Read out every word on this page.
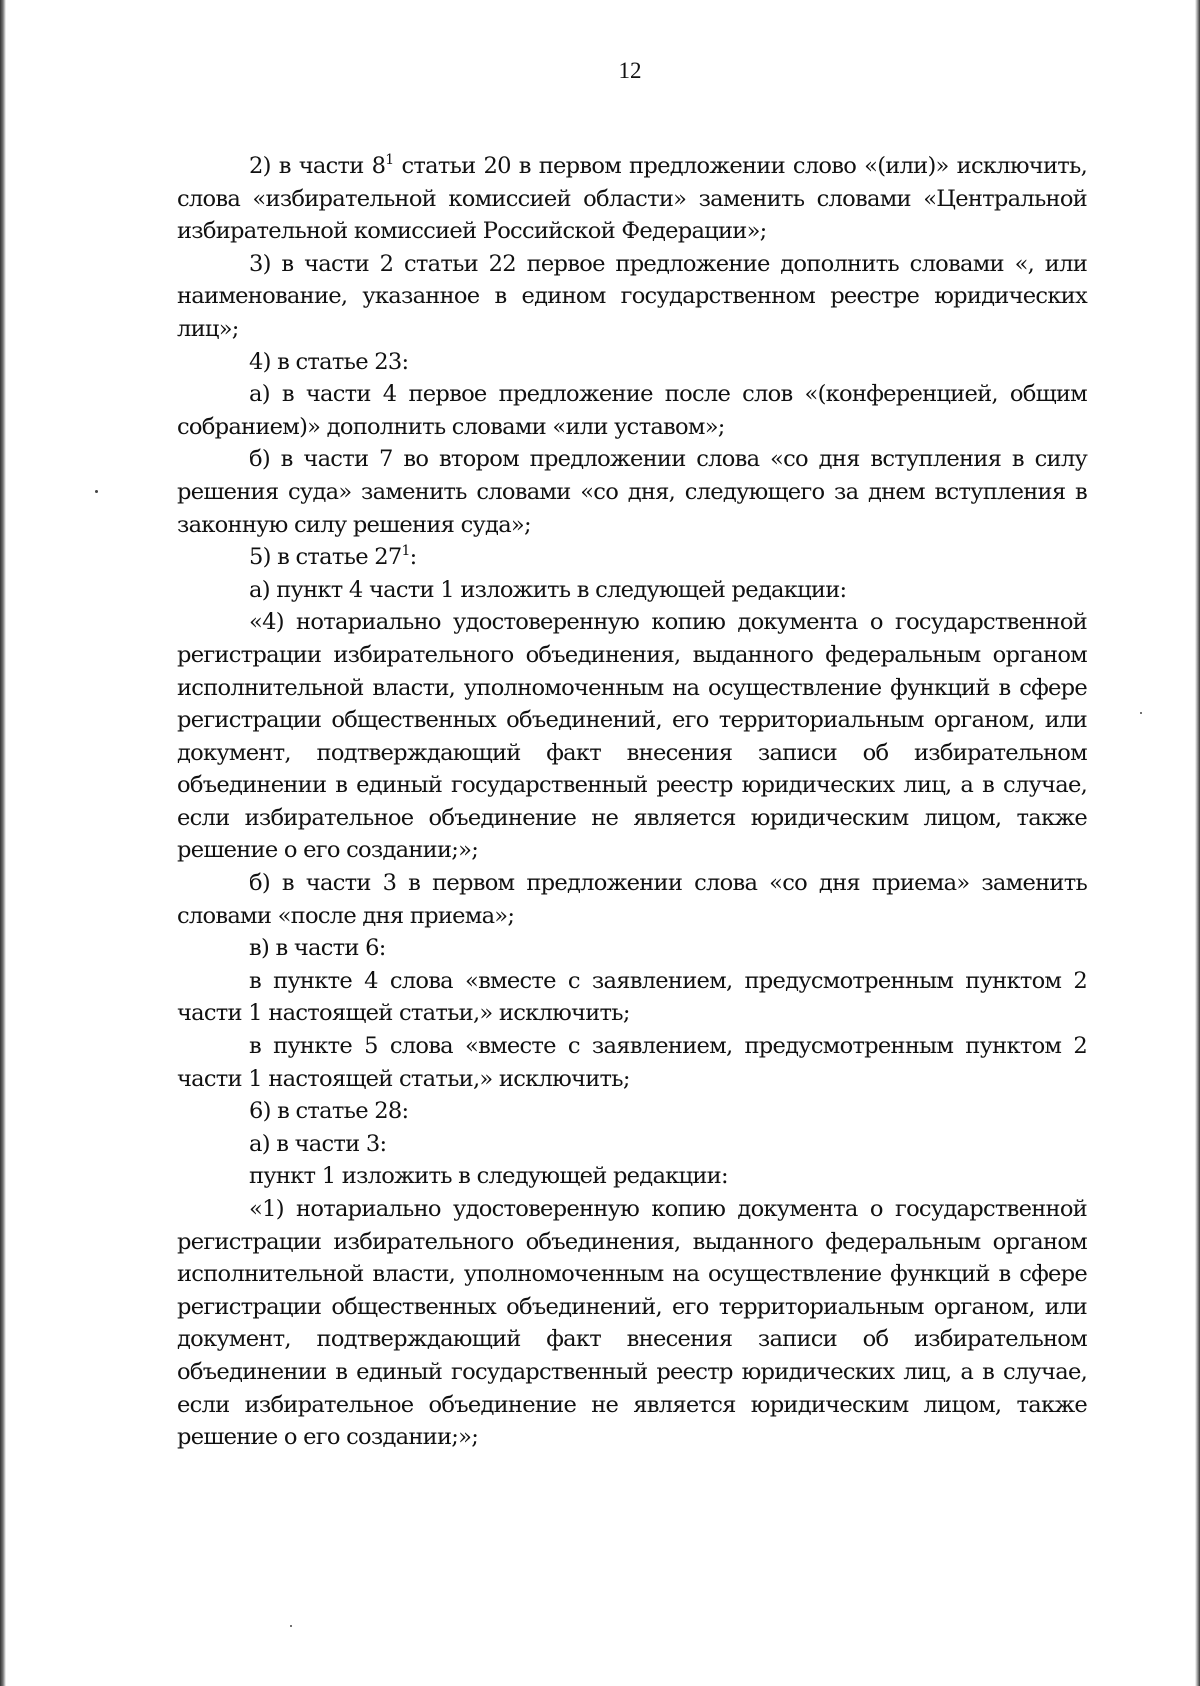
12

2) в части $8^1$ статьи 20 в первом предложении слово «(или)» исключить, слова «избирательной комиссией области» заменить словами «Центральной избирательной комиссией Российской Федерации»;

3) в части 2 статьи 22 первое предложение дополнить словами «, или наименование, указанное в едином государственном реестре юридических лиц»;

4) в статье 23:

а) в части 4 первое предложение после слов «(конференцией, общим собранием)» дополнить словами «или уставом»;

б) в части 7 во втором предложении слова «со дня вступления в силу решения суда» заменить словами «со дня, следующего за днем вступления в законную силу решения суда»;

5) в статье $27^1$:

а) пункт 4 части 1 изложить в следующей редакции:

«4) нотариально удостоверенную копию документа о государственной регистрации избирательного объединения, выданного федеральным органом исполнительной власти, уполномоченным на осуществление функций в сфере регистрации общественных объединений, его территориальным органом, или документ, подтверждающий факт внесения записи об избирательном объединении в единый государственный реестр юридических лиц, а в случае, если избирательное объединение не является юридическим лицом, также решение о его создании;»;

б) в части 3 в первом предложении слова «со дня приема» заменить словами «после дня приема»;

в) в части 6:

в пункте 4 слова «вместе с заявлением, предусмотренным пунктом 2 части 1 настоящей статьи,» исключить;

в пункте 5 слова «вместе с заявлением, предусмотренным пунктом 2 части 1 настоящей статьи,» исключить;

6) в статье 28:

а) в части 3:

пункт 1 изложить в следующей редакции:

«1) нотариально удостоверенную копию документа о государственной регистрации избирательного объединения, выданного федеральным органом исполнительной власти, уполномоченным на осуществление функций в сфере регистрации общественных объединений, его территориальным органом, или документ, подтверждающий факт внесения записи об избирательном объединении в единый государственный реестр юридических лиц, а в случае, если избирательное объединение не является юридическим лицом, также решение о его создании;»;
